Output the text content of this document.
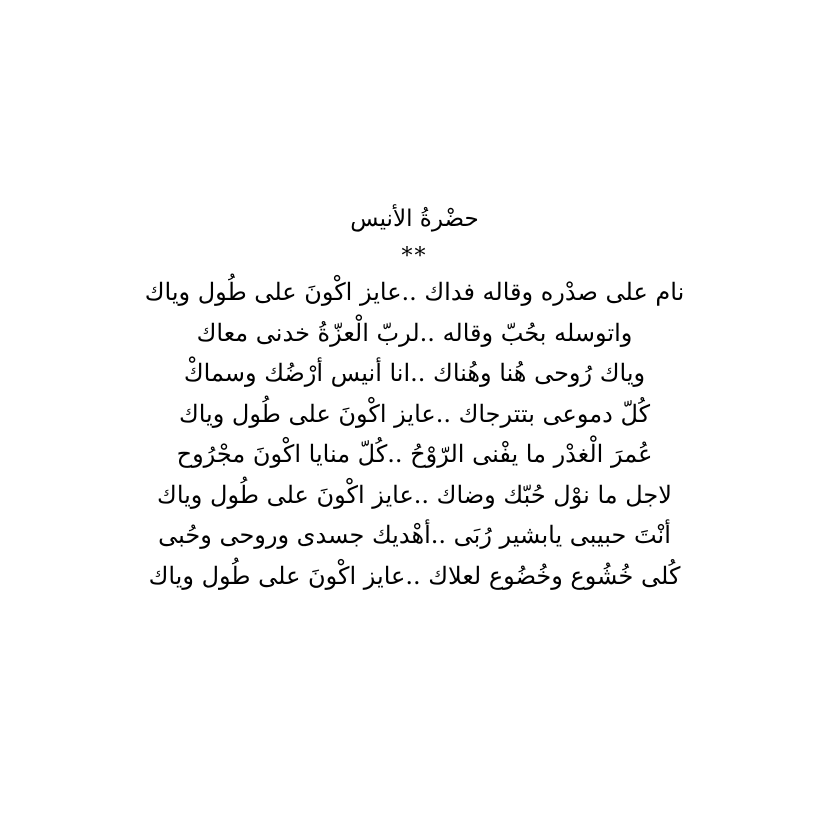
حضْرةُ الأنيس
**
نام على صدْره وقاله فداك ..عايز اكْونَ على طُول وياك
واتوسله بحُبّ وقاله ..لربّ الْعزّةُ خدنى معاك
وياك رُوحى هُنا وهُناك ..انا أنيس أرْضُك وسماكْ
كُلّ دموعى بتترجاك ..عايز اكْونَ على طُول وياك
عُمرَ الْغدْر ما يفْنى الرّوْحُ ..كُلّ منايا اكْونَ مجْرُوح
لاجل ما نوْل حُبّك وضاك ..عايز اكْونَ على طُول وياك
أنْتَ حبيبى يابشير رُبَى ..أهْديك جسدى وروحى وحُبى
كُلى خُشُوع وخُضُوع لعلاك ..عايز اكْونَ على طُول وياك
